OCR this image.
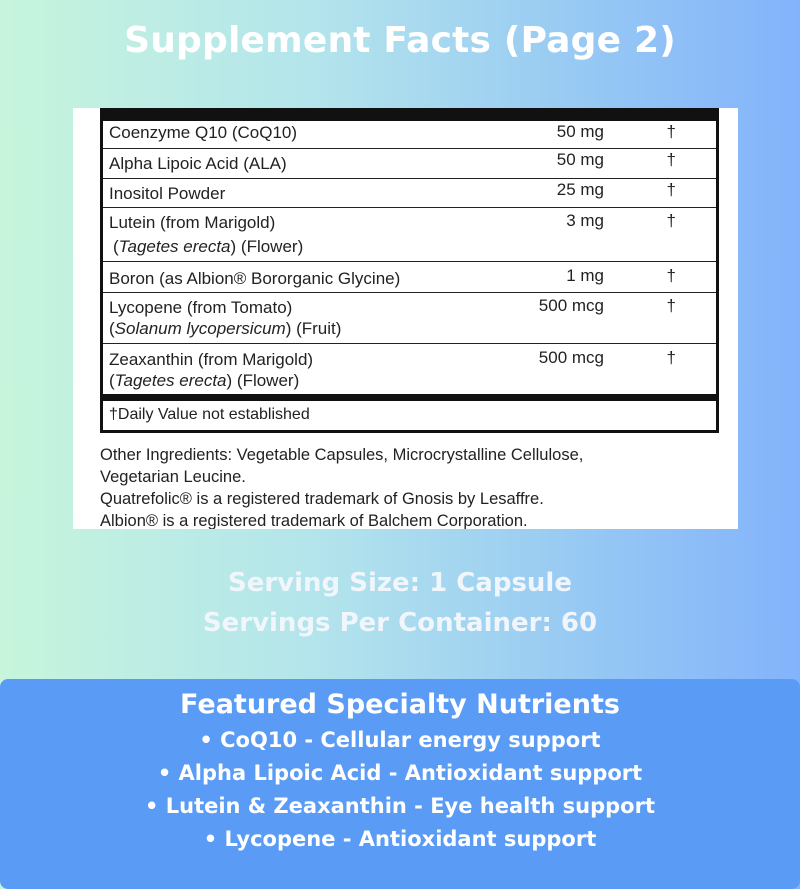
Supplement Facts (Page 2)
Coenzyme Q10 (CoQ10)	50 mg	†
Alpha Lipoic Acid (ALA)	50 mg	†
Inositol Powder	25 mg	†
Lutein (from Marigold)
(Tagetes erecta) (Flower)
3 mg	†
Boron (as Albion® Bororganic Glycine)	1 mg	†
Lycopene (from Tomato)
(Solanum lycopersicum) (Fruit)
500 mcg	†
Zeaxanthin (from Marigold)
(Tagetes erecta) (Flower)
500 mcg	†
†Daily Value not established
Other Ingredients: Vegetable Capsules, Microcrystalline Cellulose,
Vegetarian Leucine.
Quatrefolic® is a registered trademark of Gnosis by Lesaffre.
Albion® is a registered trademark of Balchem Corporation.
Serving Size: 1 Capsule
Servings Per Container: 60
Featured Specialty Nutrients
• CoQ10 - Cellular energy support
• Alpha Lipoic Acid - Antioxidant support
• Lutein & Zeaxanthin - Eye health support
• Lycopene - Antioxidant support
